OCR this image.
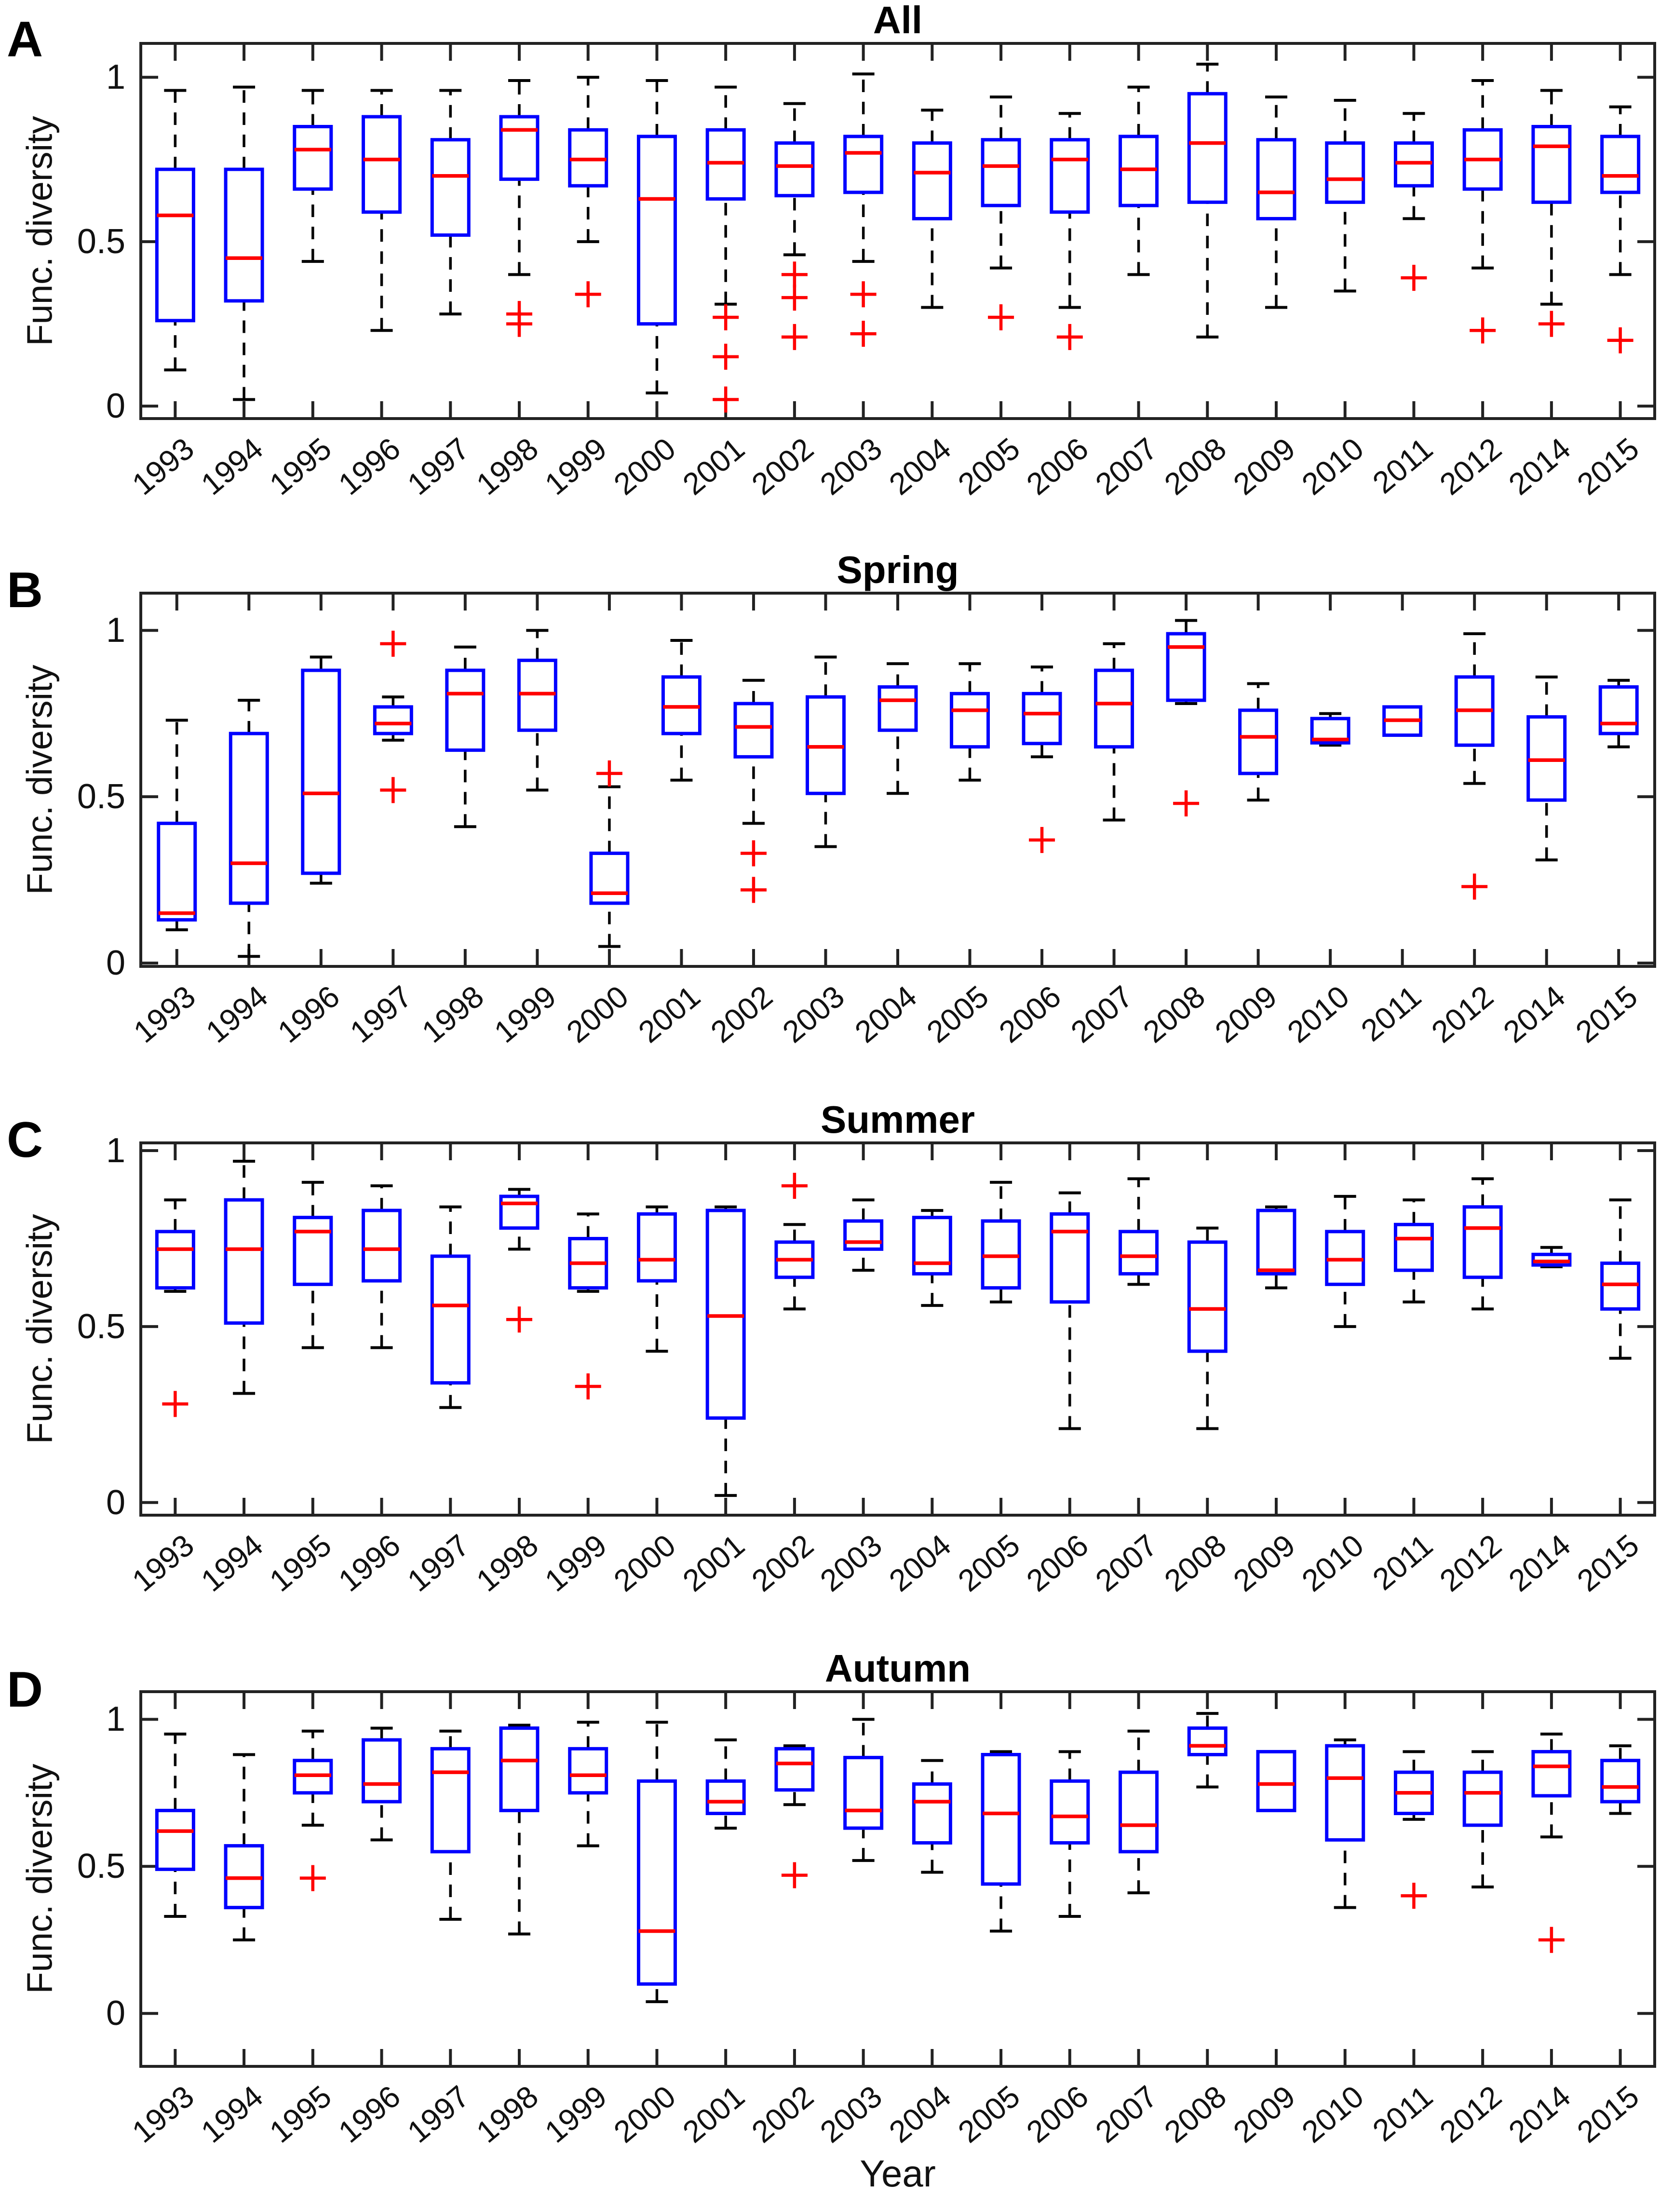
A
B
C
D
All
Spring
Summer
Autumn
Func. diversity
Func. diversity
Func. diversity
Func. diversity
0
0.5
1
1993
1994
1995
1996
1997
1998
1999
2000
2001
2002
2003
2004
2005
2006
2007
2008
2009
2010
2011
2012
2014
2015
0
0.5
1
1993
1994
1996
1997
1998
1999
2000
2001
2002
2003
2004
2005
2006
2007
2008
2009
2010
2011
2012
2014
2015
0
0.5
1
1993
1994
1995
1996
1997
1998
1999
2000
2001
2002
2003
2004
2005
2006
2007
2008
2009
2010
2011
2012
2014
2015
0
0.5
1
1993
1994
1995
1996
1997
1998
1999
2000
2001
2002
2003
2004
2005
2006
2007
2008
2009
2010
2011
2012
2014
2015
Year
